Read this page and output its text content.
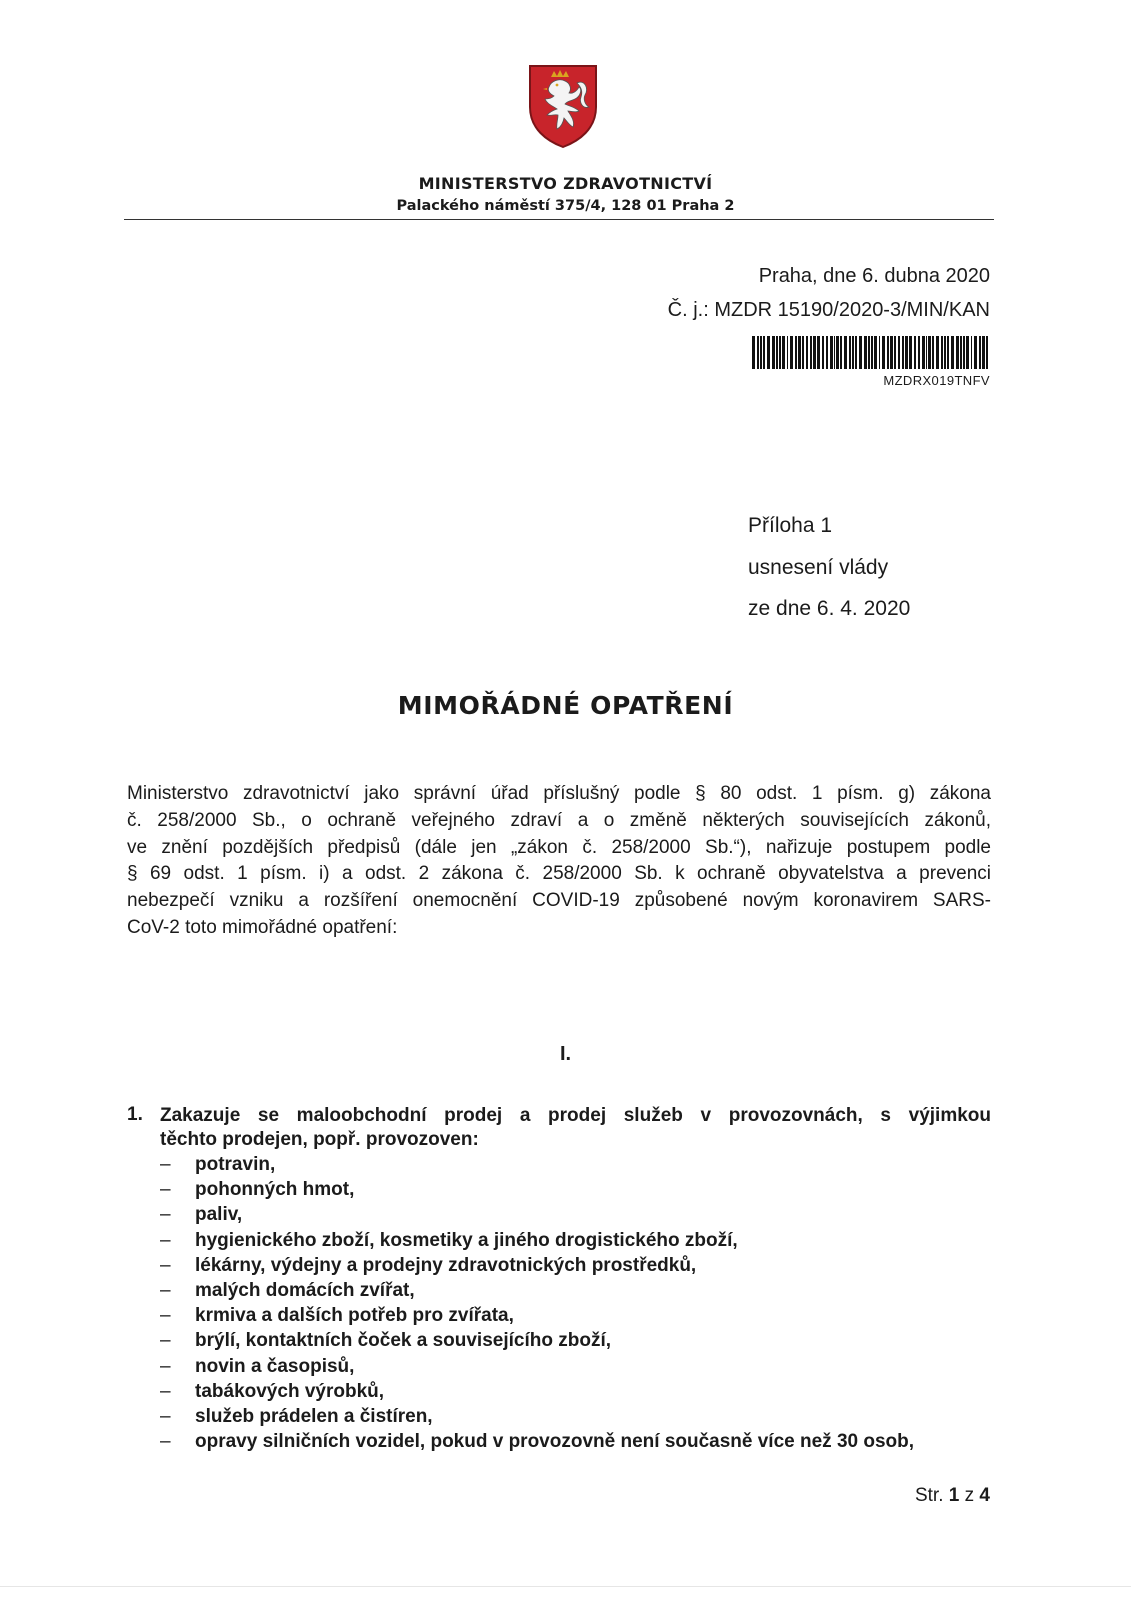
MINISTERSTVO ZDRAVOTNICTVÍ
Palackého náměstí 375/4, 128 01 Praha 2
Praha, dne 6. dubna 2020
Č. j.: MZDR 15190/2020-3/MIN/KAN
MZDRX019TNFV
Příloha 1
usnesení vlády
ze dne 6. 4. 2020
MIMOŘÁDNÉ OPATŘENÍ
Ministerstvo zdravotnictví jako správní úřad příslušný podle § 80 odst. 1 písm. g) zákona
č. 258/2000 Sb., o ochraně veřejného zdraví a o změně některých souvisejících zákonů,
ve znění pozdějších předpisů (dále jen „zákon č. 258/2000 Sb.“), nařizuje postupem podle
§ 69 odst. 1 písm. i) a odst. 2 zákona č. 258/2000 Sb. k ochraně obyvatelstva a prevenci
nebezpečí vzniku a rozšíření onemocnění COVID-19 způsobené novým koronavirem SARS-
CoV-2 toto mimořádné opatření:
I.
1. Zakazuje se maloobchodní prodej a prodej služeb v provozovnách, s výjimkou
těchto prodejen, popř. provozoven:
– potravin,
– pohonných hmot,
– paliv,
– hygienického zboží, kosmetiky a jiného drogistického zboží,
– lékárny, výdejny a prodejny zdravotnických prostředků,
– malých domácích zvířat,
– krmiva a dalších potřeb pro zvířata,
– brýlí, kontaktních čoček a souvisejícího zboží,
– novin a časopisů,
– tabákových výrobků,
– služeb prádelen a čistíren,
– opravy silničních vozidel, pokud v provozovně není současně více než 30 osob,
Str. 1 z 4
